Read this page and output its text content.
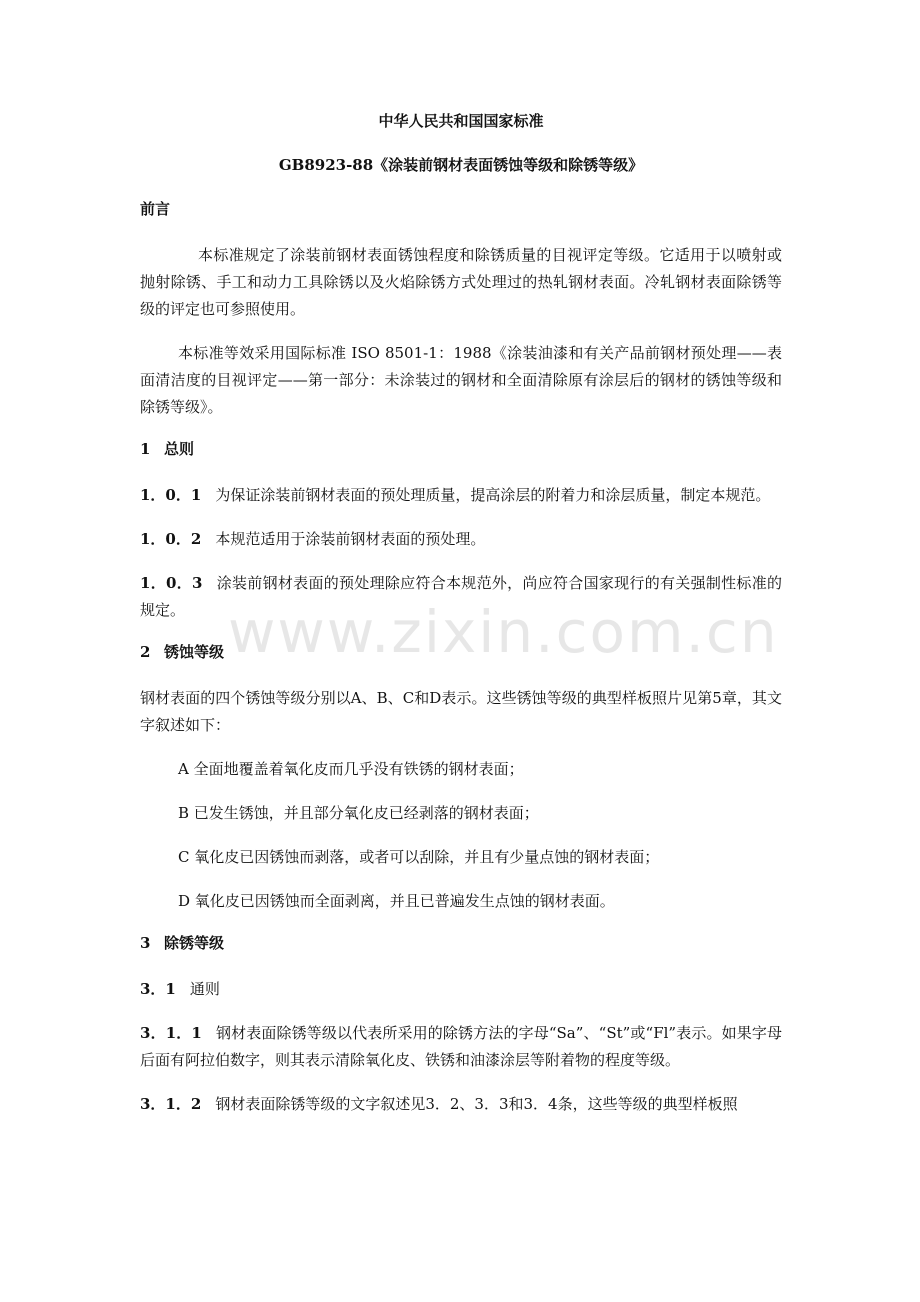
中华人民共和国国家标准
GB8923-88《涂装前钢材表面锈蚀等级和除锈等级》
前言

本标准规定了涂装前钢材表面锈蚀程度和除锈质量的目视评定等级。它适用于以喷射或抛射除锈、手工和动力工具除锈以及火焰除锈方式处理过的热轧钢材表面。冷轧钢材表面除锈等级的评定也可参照使用。

本标准等效采用国际标准 ISO 8501-1：1988《涂装油漆和有关产品前钢材预处理——表面清洁度的目视评定——第一部分：未涂装过的钢材和全面清除原有涂层后的钢材的锈蚀等级和除锈等级》。

1 总则

1．0．1 为保证涂装前钢材表面的预处理质量，提高涂层的附着力和涂层质量，制定本规范。

1．0．2 本规范适用于涂装前钢材表面的预处理。

1．0．3 涂装前钢材表面的预处理除应符合本规范外，尚应符合国家现行的有关强制性标准的规定。

2 锈蚀等级

钢材表面的四个锈蚀等级分别以A、B、C和D表示。这些锈蚀等级的典型样板照片见第5章，其文字叙述如下：

A 全面地覆盖着氧化皮而几乎没有铁锈的钢材表面；

B 已发生锈蚀，并且部分氧化皮已经剥落的钢材表面；

C 氧化皮已因锈蚀而剥落，或者可以刮除，并且有少量点蚀的钢材表面；

D 氧化皮已因锈蚀而全面剥离，并且已普遍发生点蚀的钢材表面。

3 除锈等级

3．1 通则

3．1．1 钢材表面除锈等级以代表所采用的除锈方法的字母“Sa”、“St”或“Fl”表示。如果字母后面有阿拉伯数字，则其表示清除氧化皮、铁锈和油漆涂层等附着物的程度等级。

3．1．2 钢材表面除锈等级的文字叙述见3．2、3．3和3．4条，这些等级的典型样板照

www.zixin.com.cn
